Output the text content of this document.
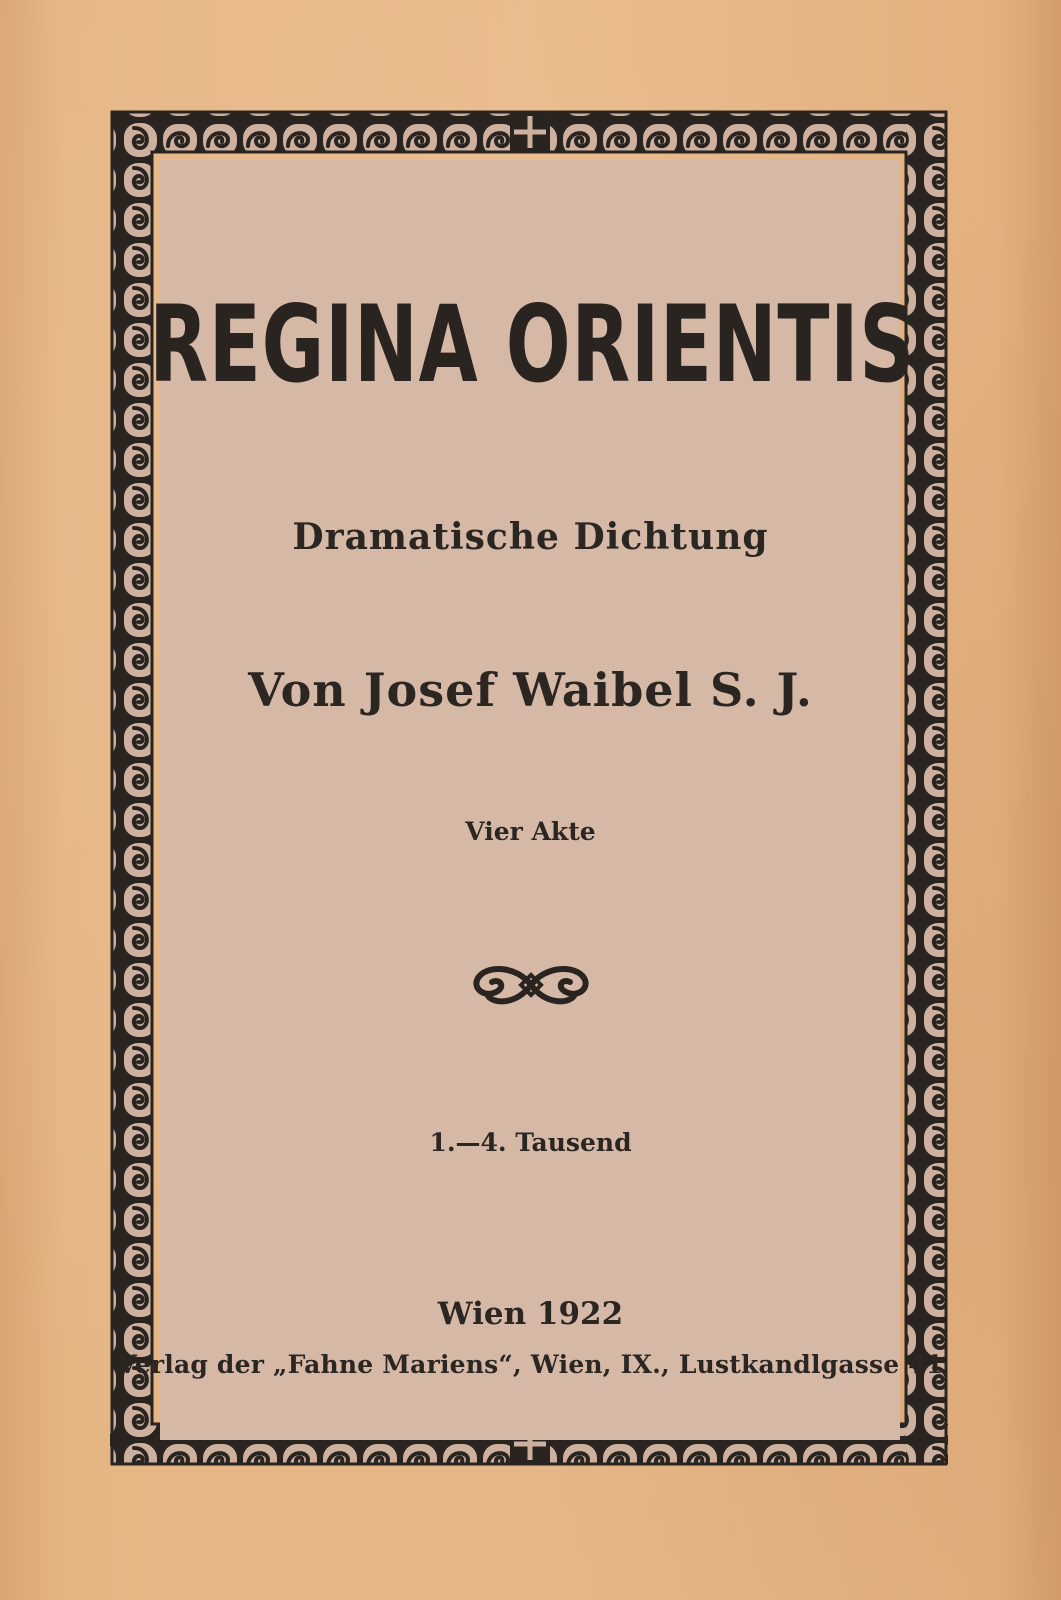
REGINA ORIENTIS
Dramatische Dichtung
Von Josef Waibel S. J.
Vier Akte
1.—4. Tausend
Wien 1922
Verlag der „Fahne Mariens“, Wien, IX., Lustkandlgasse 41
